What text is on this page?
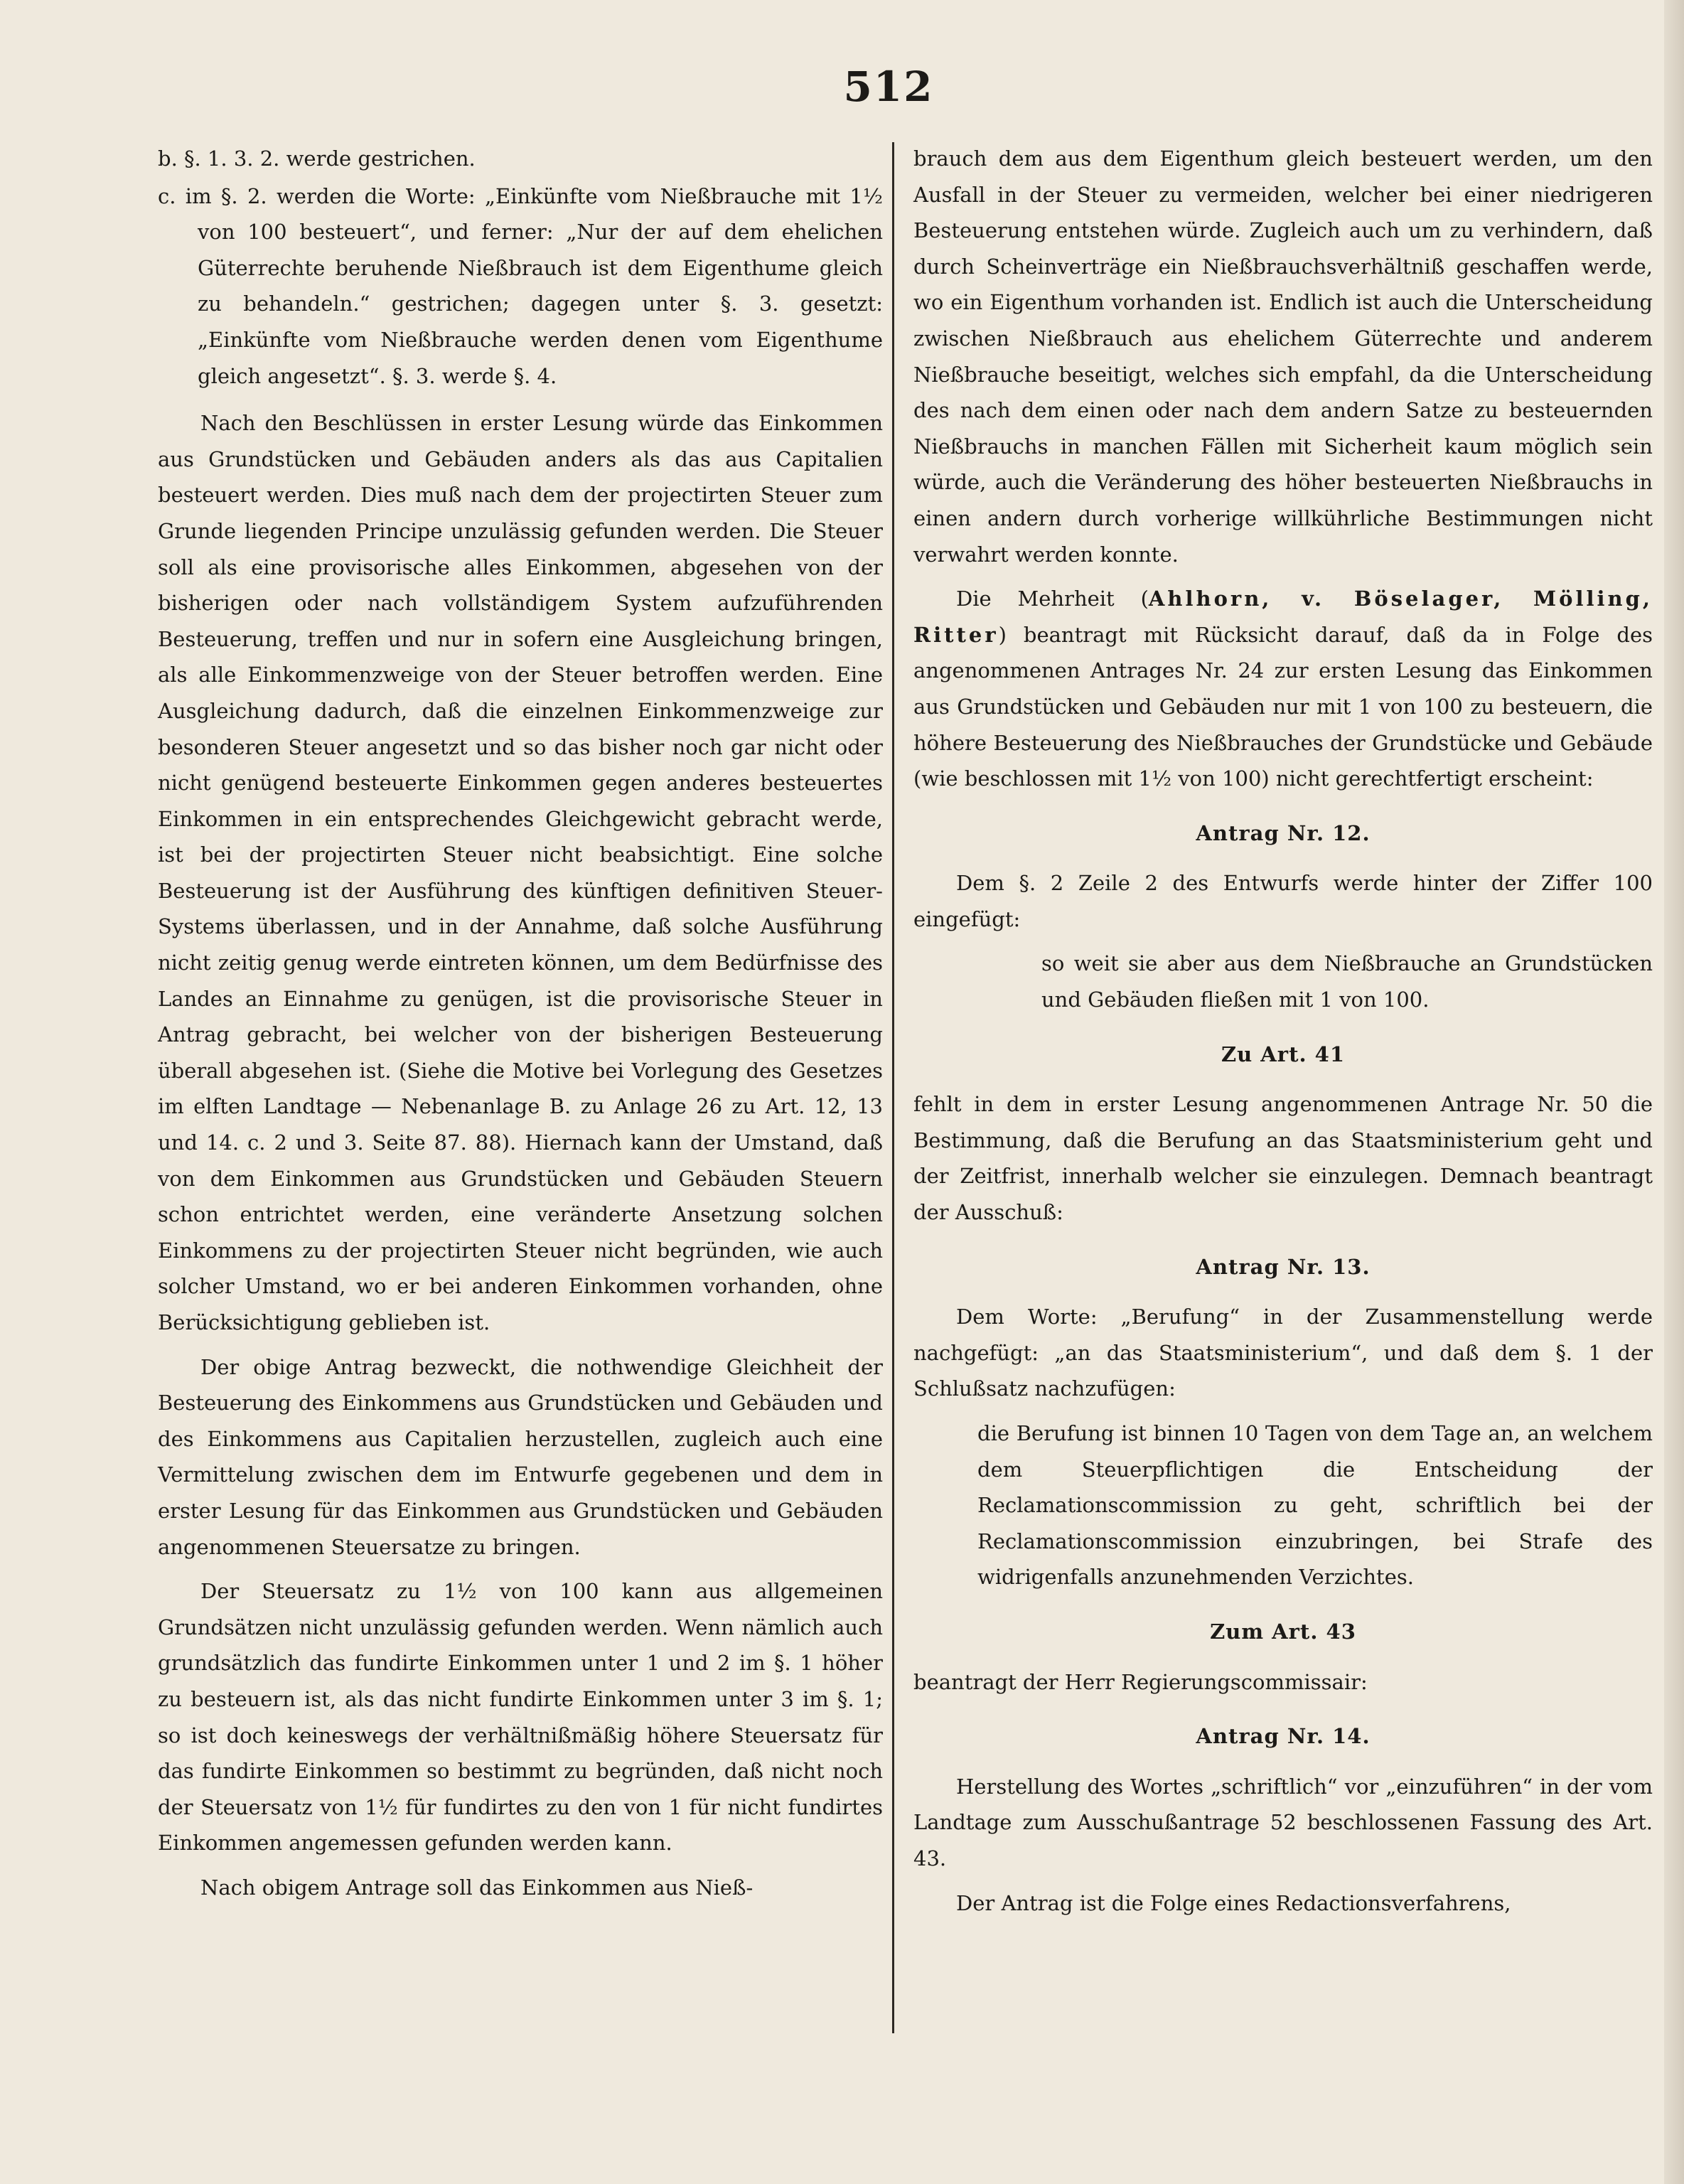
512

b. §. 1. 3. 2. werde gestrichen.

c. im §. 2. werden die Worte: „Einkünfte vom Nießbrauche mit 1½ von 100 besteuert“, und ferner: „Nur der auf dem ehelichen Güterrechte beruhende Nießbrauch ist dem Eigenthume gleich zu behandeln.“ gestrichen; dagegen unter §. 3. gesetzt: „Einkünfte vom Nießbrauche werden denen vom Eigenthume gleich angesetzt“. §. 3. werde §. 4.

Nach den Beschlüssen in erster Lesung würde das Einkommen aus Grundstücken und Gebäuden anders als das aus Capitalien besteuert werden. Dies muß nach dem der projectirten Steuer zum Grunde liegenden Principe unzulässig gefunden werden. Die Steuer soll als eine provisorische alles Einkommen, abgesehen von der bisherigen oder nach vollständigem System aufzuführenden Besteuerung, treffen und nur in sofern eine Ausgleichung bringen, als alle Einkommenzweige von der Steuer betroffen werden. Eine Ausgleichung dadurch, daß die einzelnen Einkommenzweige zur besonderen Steuer angesetzt und so das bisher noch gar nicht oder nicht genügend besteuerte Einkommen gegen anderes besteuertes Einkommen in ein entsprechendes Gleichgewicht gebracht werde, ist bei der projectirten Steuer nicht beabsichtigt. Eine solche Besteuerung ist der Ausführung des künftigen definitiven Steuer-Systems überlassen, und in der Annahme, daß solche Ausführung nicht zeitig genug werde eintreten können, um dem Bedürfnisse des Landes an Einnahme zu genügen, ist die provisorische Steuer in Antrag gebracht, bei welcher von der bisherigen Besteuerung überall abgesehen ist. (Siehe die Motive bei Vorlegung des Gesetzes im elften Landtage — Nebenanlage B. zu Anlage 26 zu Art. 12, 13 und 14. c. 2 und 3. Seite 87. 88). Hiernach kann der Umstand, daß von dem Einkommen aus Grundstücken und Gebäuden Steuern schon entrichtet werden, eine veränderte Ansetzung solchen Einkommens zu der projectirten Steuer nicht begründen, wie auch solcher Umstand, wo er bei anderen Einkommen vorhanden, ohne Berücksichtigung geblieben ist.

Der obige Antrag bezweckt, die nothwendige Gleichheit der Besteuerung des Einkommens aus Grundstücken und Gebäuden und des Einkommens aus Capitalien herzustellen, zugleich auch eine Vermittelung zwischen dem im Entwurfe gegebenen und dem in erster Lesung für das Einkommen aus Grundstücken und Gebäuden angenommenen Steuersatze zu bringen.

Der Steuersatz zu 1½ von 100 kann aus allgemeinen Grundsätzen nicht unzulässig gefunden werden. Wenn nämlich auch grundsätzlich das fundirte Einkommen unter 1 und 2 im §. 1 höher zu besteuern ist, als das nicht fundirte Einkommen unter 3 im §. 1; so ist doch keineswegs der verhältnißmäßig höhere Steuersatz für das fundirte Einkommen so bestimmt zu begründen, daß nicht noch der Steuersatz von 1½ für fundirtes zu den von 1 für nicht fundirtes Einkommen angemessen gefunden werden kann.

Nach obigem Antrage soll das Einkommen aus Nieß-

brauch dem aus dem Eigenthum gleich besteuert werden, um den Ausfall in der Steuer zu vermeiden, welcher bei einer niedrigeren Besteuerung entstehen würde. Zugleich auch um zu verhindern, daß durch Scheinverträge ein Nießbrauchsverhältniß geschaffen werde, wo ein Eigenthum vorhanden ist. Endlich ist auch die Unterscheidung zwischen Nießbrauch aus ehelichem Güterrechte und anderem Nießbrauche beseitigt, welches sich empfahl, da die Unterscheidung des nach dem einen oder nach dem andern Satze zu besteuernden Nießbrauchs in manchen Fällen mit Sicherheit kaum möglich sein würde, auch die Veränderung des höher besteuerten Nießbrauchs in einen andern durch vorherige willkührliche Bestimmungen nicht verwahrt werden konnte.

Die Mehrheit (Ahlhorn, v. Böselager, Mölling, Ritter) beantragt mit Rücksicht darauf, daß da in Folge des angenommenen Antrages Nr. 24 zur ersten Lesung das Einkommen aus Grundstücken und Gebäuden nur mit 1 von 100 zu besteuern, die höhere Besteuerung des Nießbrauches der Grundstücke und Gebäude (wie beschlossen mit 1½ von 100) nicht gerechtfertigt erscheint:

Antrag Nr. 12.

Dem §. 2 Zeile 2 des Entwurfs werde hinter der Ziffer 100 eingefügt:

so weit sie aber aus dem Nießbrauche an Grundstücken und Gebäuden fließen mit 1 von 100.

Zu Art. 41

fehlt in dem in erster Lesung angenommenen Antrage Nr. 50 die Bestimmung, daß die Berufung an das Staatsministerium geht und der Zeitfrist, innerhalb welcher sie einzulegen. Demnach beantragt der Ausschuß:

Antrag Nr. 13.

Dem Worte: „Berufung“ in der Zusammenstellung werde nachgefügt: „an das Staatsministerium“, und daß dem §. 1 der Schlußsatz nachzufügen:

die Berufung ist binnen 10 Tagen von dem Tage an, an welchem dem Steuerpflichtigen die Entscheidung der Reclamationscommission zu geht, schriftlich bei der Reclamationscommission einzubringen, bei Strafe des widrigenfalls anzunehmenden Verzichtes.

Zum Art. 43

beantragt der Herr Regierungscommissair:

Antrag Nr. 14.

Herstellung des Wortes „schriftlich“ vor „einzuführen“ in der vom Landtage zum Ausschußantrage 52 beschlossenen Fassung des Art. 43.

Der Antrag ist die Folge eines Redactionsverfahrens,
